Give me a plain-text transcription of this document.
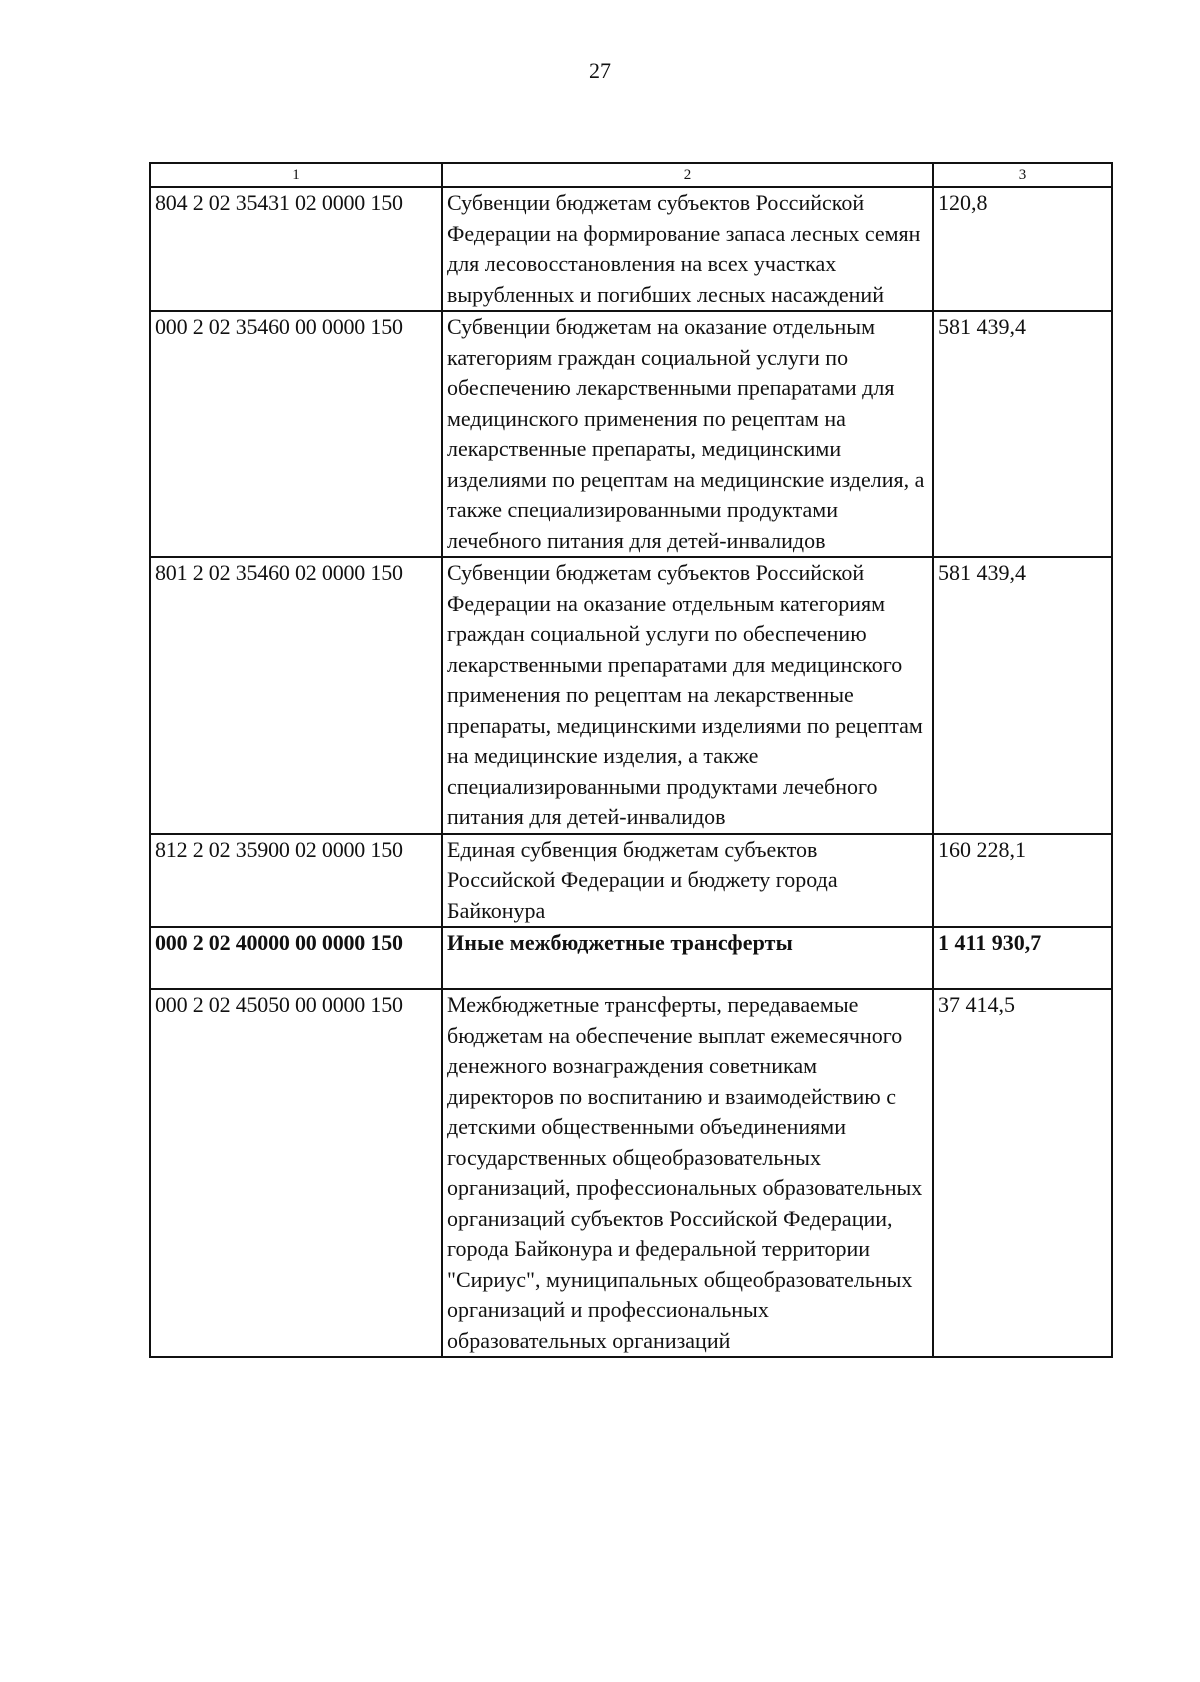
27
1	2	3
804 2 02 35431 02 0000 150	Субвенции бюджетам субъектов Российской Федерации на формирование запаса лесных семян для лесовосстановления на всех участках вырубленных и погибших лесных насаждений	120,8
000 2 02 35460 00 0000 150	Субвенции бюджетам на оказание отдельным категориям граждан социальной услуги по обеспечению лекарственными препаратами для медицинского применения по рецептам на лекарственные препараты, медицинскими изделиями по рецептам на медицинские изделия, а также специализированными продуктами лечебного питания для детей-инвалидов	581 439,4
801 2 02 35460 02 0000 150	Субвенции бюджетам субъектов Российской Федерации на оказание отдельным категориям граждан социальной услуги по обеспечению лекарственными препаратами для медицинского применения по рецептам на лекарственные препараты, медицинскими изделиями по рецептам на медицинские изделия, а также специализированными продуктами лечебного питания для детей-инвалидов	581 439,4
812 2 02 35900 02 0000 150	Единая субвенция бюджетам субъектов Российской Федерации и бюджету города Байконура	160 228,1
000 2 02 40000 00 0000 150	Иные межбюджетные трансферты	1 411 930,7
000 2 02 45050 00 0000 150	Межбюджетные трансферты, передаваемые бюджетам на обеспечение выплат ежемесячного денежного вознаграждения советникам директоров по воспитанию и взаимодействию с детскими общественными объединениями государственных общеобразовательных организаций, профессиональных образовательных организаций субъектов Российской Федерации, города Байконура и федеральной территории "Сириус", муниципальных общеобразовательных организаций и профессиональных образовательных организаций	37 414,5
